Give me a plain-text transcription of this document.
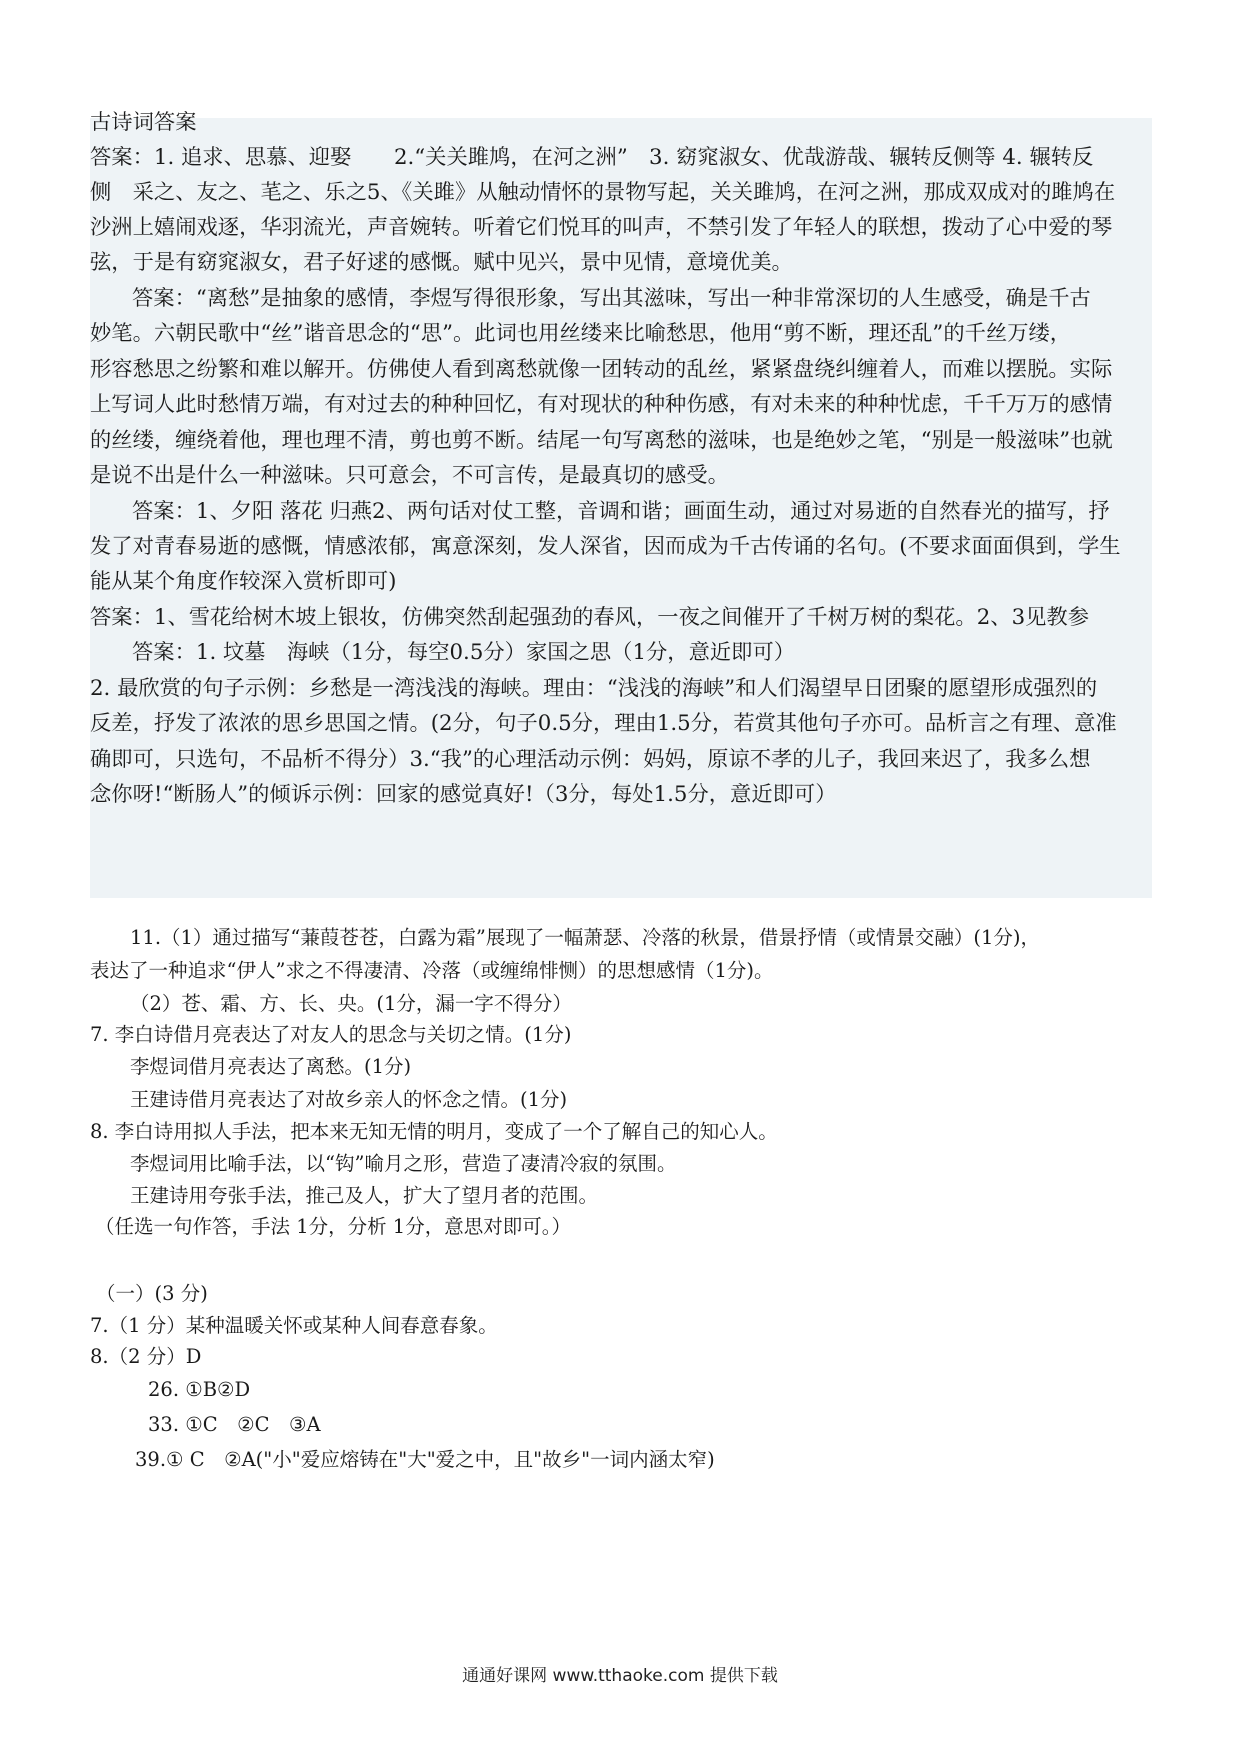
古诗词答案
答案：1. 追求、思慕、迎娶　　2.“关关雎鸠，在河之洲”　3. 窈窕淑女、优哉游哉、辗转反侧等 4. 辗转反
侧　采之、友之、芼之、乐之5、《关雎》从触动情怀的景物写起，关关雎鸠，在河之洲，那成双成对的雎鸠在
沙洲上嬉闹戏逐，华羽流光，声音婉转。听着它们悦耳的叫声，不禁引发了年轻人的联想，拨动了心中爱的琴
弦，于是有窈窕淑女，君子好逑的感慨。赋中见兴，景中见情，意境优美。
答案：“离愁”是抽象的感情，李煜写得很形象，写出其滋味，写出一种非常深切的人生感受，确是千古
妙笔。六朝民歌中“丝”谐音思念的“思”。此词也用丝缕来比喻愁思，他用“剪不断，理还乱”的千丝万缕，
形容愁思之纷繁和难以解开。仿佛使人看到离愁就像一团转动的乱丝，紧紧盘绕纠缠着人，而难以摆脱。实际
上写词人此时愁情万端，有对过去的种种回忆，有对现状的种种伤感，有对未来的种种忧虑，千千万万的感情
的丝缕，缠绕着他，理也理不清，剪也剪不断。结尾一句写离愁的滋味，也是绝妙之笔，“别是一般滋味”也就
是说不出是什么一种滋味。只可意会，不可言传，是最真切的感受。
答案：1、夕阳 落花 归燕2、两句话对仗工整，音调和谐；画面生动，通过对易逝的自然春光的描写，抒
发了对青春易逝的感慨，情感浓郁，寓意深刻，发人深省，因而成为千古传诵的名句。(不要求面面俱到，学生
能从某个角度作较深入赏析即可)
答案：1、雪花给树木坡上银妆，仿佛突然刮起强劲的春风，一夜之间催开了千树万树的梨花。2、3见教参
答案：1. 坟墓　海峡（1分，每空0.5分）家国之思（1分，意近即可）
2. 最欣赏的句子示例：乡愁是一湾浅浅的海峡。理由：“浅浅的海峡”和人们渴望早日团聚的愿望形成强烈的
反差，抒发了浓浓的思乡思国之情。(2分，句子0.5分，理由1.5分，若赏其他句子亦可。品析言之有理、意准
确即可，只选句，不品析不得分）3.“我”的心理活动示例：妈妈，原谅不孝的儿子，我回来迟了，我多么想
念你呀!“断肠人”的倾诉示例：回家的感觉真好!（3分，每处1.5分，意近即可）
11.（1）通过描写“蒹葭苍苍，白露为霜”展现了一幅萧瑟、冷落的秋景，借景抒情（或情景交融）(1分)，
表达了一种追求“伊人”求之不得凄清、冷落（或缠绵悱恻）的思想感情（1分)。
（2）苍、霜、方、长、央。(1分，漏一字不得分）
7. 李白诗借月亮表达了对友人的思念与关切之情。(1分)
李煜词借月亮表达了离愁。(1分)
王建诗借月亮表达了对故乡亲人的怀念之情。(1分)
8. 李白诗用拟人手法，把本来无知无情的明月，变成了一个了解自己的知心人。
李煜词用比喻手法，以“钩”喻月之形，营造了凄清冷寂的氛围。
王建诗用夸张手法，推己及人，扩大了望月者的范围。
（任选一句作答，手法 1分，分析 1分，意思对即可。）
（一）(3 分)
7.（1 分）某种温暖关怀或某种人间春意春象。
8.（2 分）D
26. ①B②D
33. ①C　②C　③A
39.① C　②A("小"爱应熔铸在"大"爱之中，且"故乡"一词内涵太窄)
通通好课网 www.tthaoke.com 提供下载
